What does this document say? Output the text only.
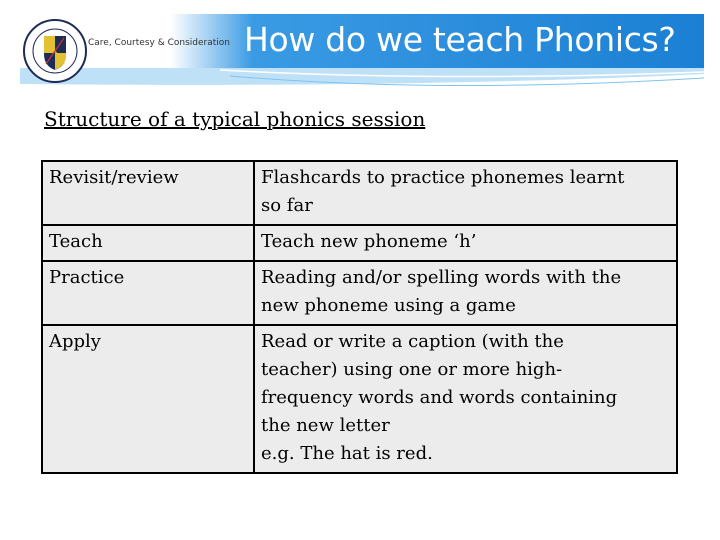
Care, Courtesy & Consideration How do we teach Phonics?
Structure of a typical phonics session
Revisit/review	Flashcards to practice phonemes learnt
so far

Teach	Teach new phoneme ‘h’

Practice	Reading and/or spelling words with the
new phoneme using a game

Apply	Read or write a caption (with the
teacher) using one or more high-
frequency words and words containing
the new letter
e.g. The hat is red.
